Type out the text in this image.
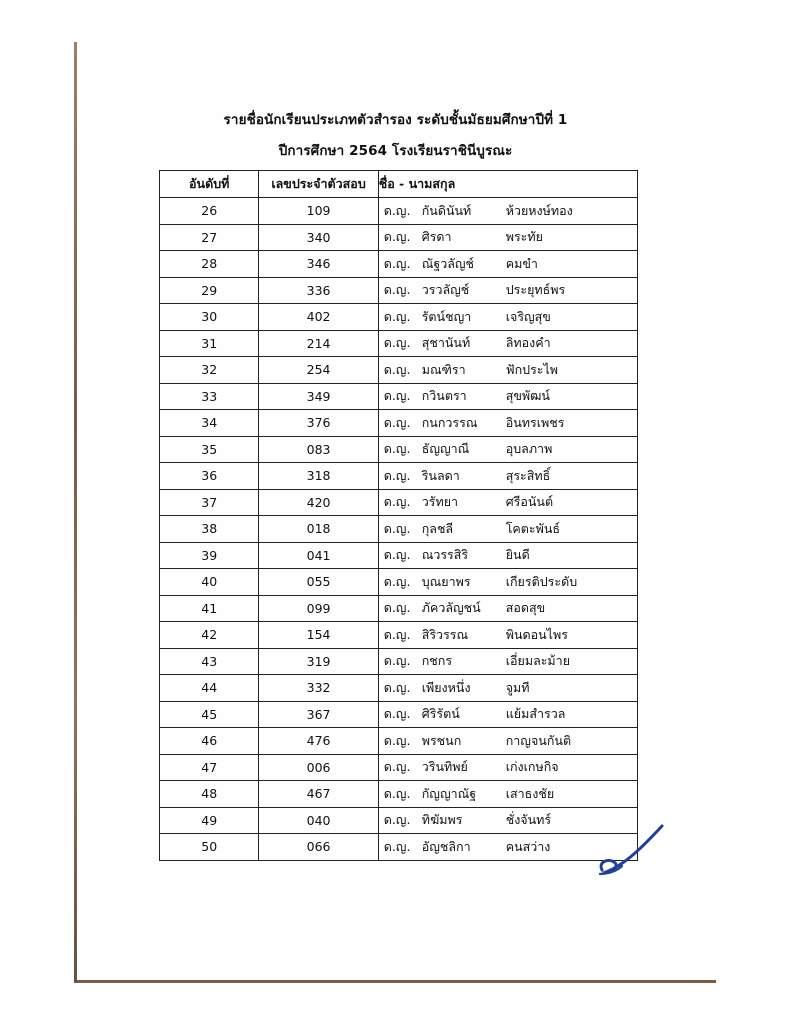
รายชื่อนักเรียนประเภทตัวสำรอง ระดับชั้นมัธยมศึกษาปีที่ 1
ปีการศึกษา 2564 โรงเรียนราชินีบูรณะ
อันดับที่	เลขประจำตัวสอบ	ชื่อ - นามสกุล
26	109	ด.ญ. กันดินันท์ ห้วยหงษ์ทอง

27	340	ด.ญ. ศิรดา พระทัย

28	346	ด.ญ. ณัฐวลัญช์ คมขำ

29	336	ด.ญ. วรวลัญช์ ประยุทธ์พร

30	402	ด.ญ. รัตน์ชญา เจริญสุข

31	214	ด.ญ. สุชานันท์ ลิทองคำ

32	254	ด.ญ. มณฑิรา ฟักประไพ

33	349	ด.ญ. กวินตรา สุขพัฒน์

34	376	ด.ญ. กนกวรรณ อินทรเพชร

35	083	ด.ญ. ธัญญาณี อุบลภาพ

36	318	ด.ญ. รินลดา สุระสิทธิ์

37	420	ด.ญ. วรัทยา ศรีอนันต์

38	018	ด.ญ. กุลชลี โคตะพันธ์

39	041	ด.ญ. ณวรรสิริ ยินดี

40	055	ด.ญ. บุณยาพร เกียรติประดับ

41	099	ด.ญ. ภัควลัญชน์ สอดสุข

42	154	ด.ญ. สิริวรรณ พินดอนไพร

43	319	ด.ญ. กชกร เอี่ยมละม้าย

44	332	ด.ญ. เพียงหนึ่ง จูมที

45	367	ด.ญ. ศิริรัตน์ แย้มสำรวล

46	476	ด.ญ. พรชนก กาญจนกันติ

47	006	ด.ญ. วรินทิพย์ เก่งเกษกิจ

48	467	ด.ญ. กัญญาณัฐ เสาธงชัย

49	040	ด.ญ. ทิฆัมพร ชั่งจันทร์

50	066	ด.ญ. อัญชลิกา คนสว่าง
